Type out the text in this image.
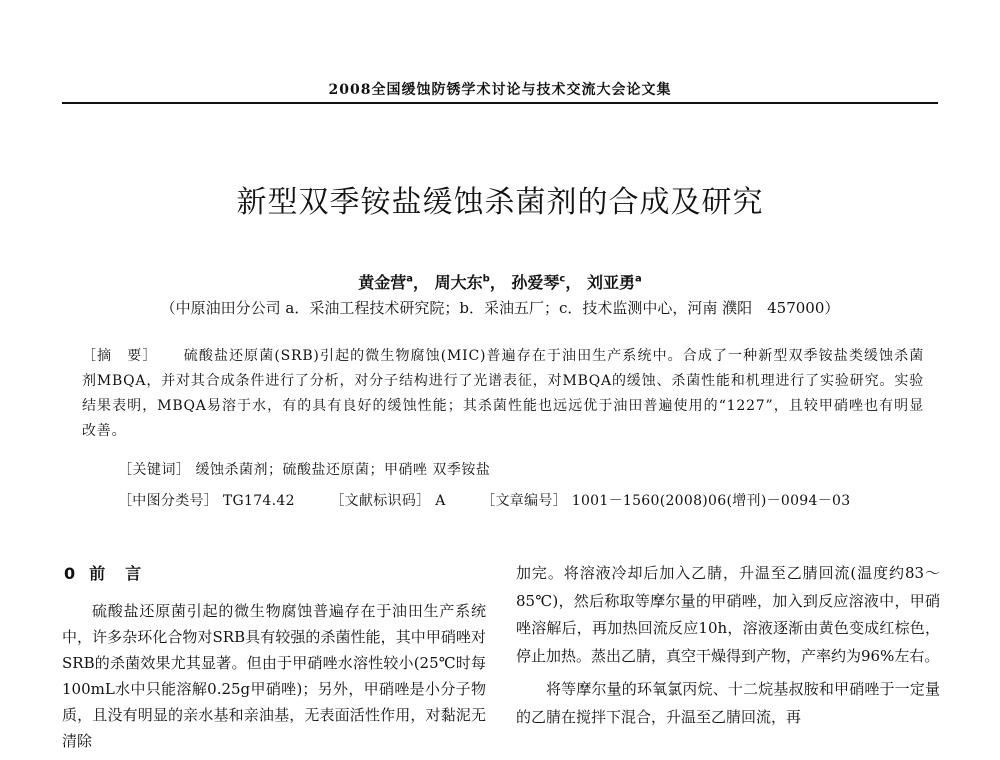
2008全国缓蚀防锈学术讨论与技术交流大会论文集
新型双季铵盐缓蚀杀菌剂的合成及研究
黄金营$^a$， 周大东$^b$， 孙爱琴$^c$， 刘亚勇$^a$
（中原油田分公司 a．采油工程技术研究院；b．采油五厂；c．技术监测中心，河南 濮阳　457000）
［摘　要］ 硫酸盐还原菌(SRB)引起的微生物腐蚀(MIC)普遍存在于油田生产系统中。合成了一种新型双季铵盐类缓蚀杀菌剂MBQA，并对其合成条件进行了分析，对分子结构进行了光谱表征，对MBQA的缓蚀、杀菌性能和机理进行了实验研究。实验结果表明，MBQA易溶于水，有的具有良好的缓蚀性能；其杀菌性能也远远优于油田普遍使用的“1227”，且较甲硝唑也有明显改善。
［关键词］ 缓蚀杀菌剂；硫酸盐还原菌；甲硝唑 双季铵盐
［中图分类号］ TG174.42	［文献标识码］ A	［文章编号］ 1001－1560(2008)06(增刊)－0094－03
0 前　言

硫酸盐还原菌引起的微生物腐蚀普遍存在于油田生产系统中，许多杂环化合物对SRB具有较强的杀菌性能，其中甲硝唑对SRB的杀菌效果尤其显著。但由于甲硝唑水溶性较小(25℃时每100mL水中只能溶解0.25g甲硝唑)；另外，甲硝唑是小分子物质，且没有明显的亲水基和亲油基，无表面活性作用，对黏泥无清除

加完。将溶液冷却后加入乙腈，升温至乙腈回流(温度约83～85℃)，然后称取等摩尔量的甲硝唑，加入到反应溶液中，甲硝唑溶解后，再加热回流反应10h，溶液逐渐由黄色变成红棕色，停止加热。蒸出乙腈，真空干燥得到产物，产率约为96%左右。

将等摩尔量的环氧氯丙烷、十二烷基叔胺和甲硝唑于一定量的乙腈在搅拌下混合，升温至乙腈回流，再
